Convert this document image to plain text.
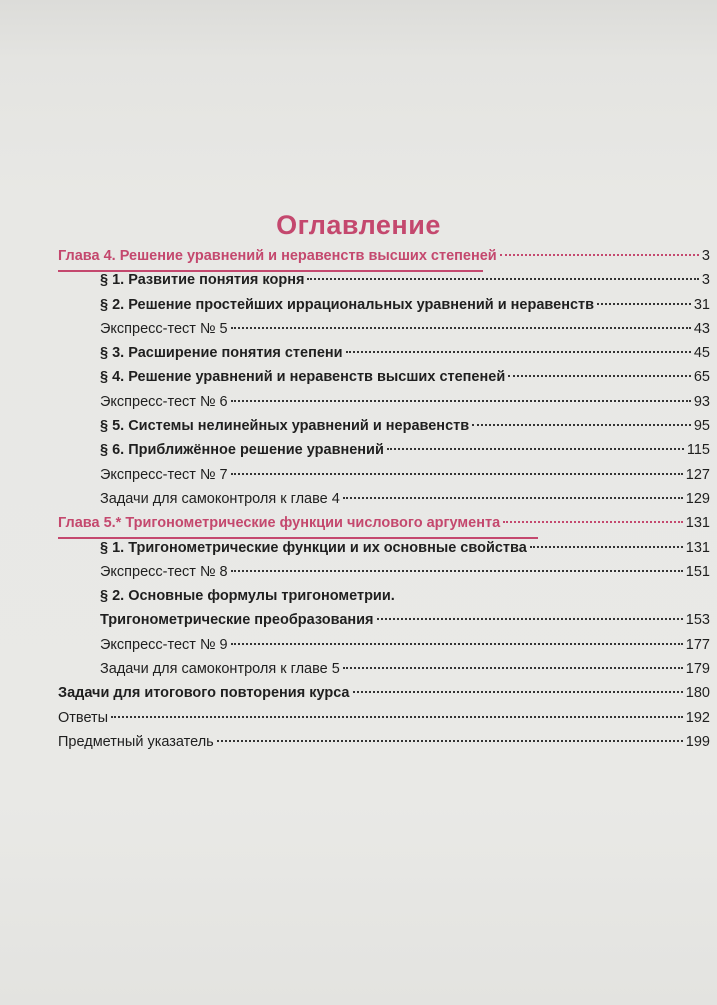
Оглавление
Глава 4. Решение уравнений и неравенств высших степеней	3
§ 1. Развитие понятия корня	3
§ 2. Решение простейших иррациональных уравнений и неравенств	31
Экспресс-тест № 5	43
§ 3. Расширение понятия степени	45
§ 4. Решение уравнений и неравенств высших степеней	65
Экспресс-тест № 6	93
§ 5. Системы нелинейных уравнений и неравенств	95
§ 6. Приближённое решение уравнений	115
Экспресс-тест № 7	127
Задачи для самоконтроля к главе 4	129
Глава 5.* Тригонометрические функции числового аргумента	131
§ 1. Тригонометрические функции и их основные свойства	131
Экспресс-тест № 8	151
§ 2. Основные формулы тригонометрии.
Тригонометрические преобразования	153
Экспресс-тест № 9	177
Задачи для самоконтроля к главе 5	179
Задачи для итогового повторения курса	180
Ответы	192
Предметный указатель	199
